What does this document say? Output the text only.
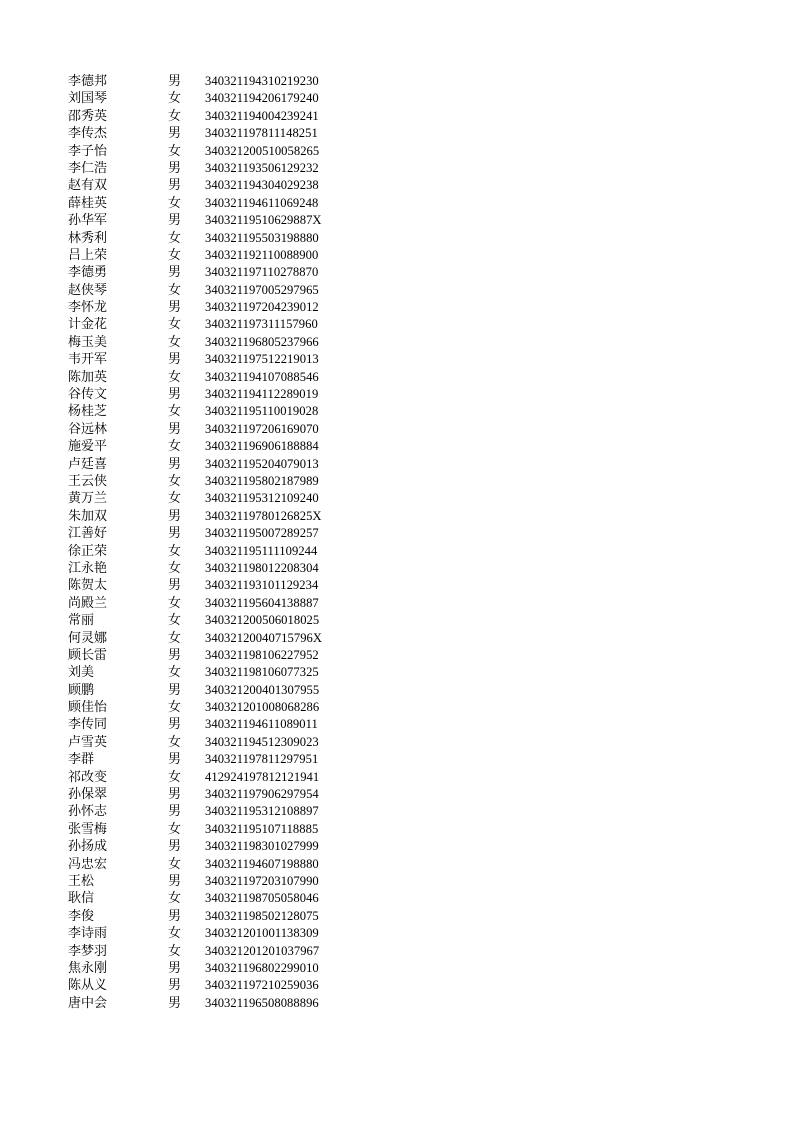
李德邦	男 340321194310219230
刘国琴	女 340321194206179240
邵秀英	女 340321194004239241
李传杰	男 340321197811148251
李子怡	女 340321200510058265
李仁浩	男 340321193506129232
赵有双	男 340321194304029238
薛桂英	女 340321194611069248
孙华军	男 34032119510629887X
林秀利	女 340321195503198880
吕上荣	女 340321192110088900
李德勇	男 340321197110278870
赵侠琴	女 340321197005297965
李怀龙	男 340321197204239012
计金花	女 340321197311157960
梅玉美	女 340321196805237966
韦开军	男 340321197512219013
陈加英	女 340321194107088546
谷传文	男 340321194112289019
杨桂芝	女 340321195110019028
谷远林	男 340321197206169070
施爱平	女 340321196906188884
卢廷喜	男 340321195204079013
王云侠	女 340321195802187989
黄万兰	女 340321195312109240
朱加双	男 34032119780126825X
江善好	男 340321195007289257
徐正荣	女 340321195111109244
江永艳	女 340321198012208304
陈贺太	男 340321193101129234
尚殿兰	女 340321195604138887
常丽	女 340321200506018025
何灵娜	女 34032120040715796X
顾长雷	男 340321198106227952
刘美	女 340321198106077325
顾鹏	男 340321200401307955
顾佳怡	女 340321201008068286
李传同	男 340321194611089011
卢雪英	女 340321194512309023
李群	男 340321197811297951
祁改变	女 412924197812121941
孙保翠	男 340321197906297954
孙怀志	男 340321195312108897
张雪梅	女 340321195107118885
孙扬成	男 340321198301027999
冯忠宏	女 340321194607198880
王松	男 340321197203107990
耿信	女 340321198705058046
李俊	男 340321198502128075
李诗雨	女 340321201001138309
李梦羽	女 340321201201037967
焦永刚	男 340321196802299010
陈从义	男 340321197210259036
唐中会	男 340321196508088896
